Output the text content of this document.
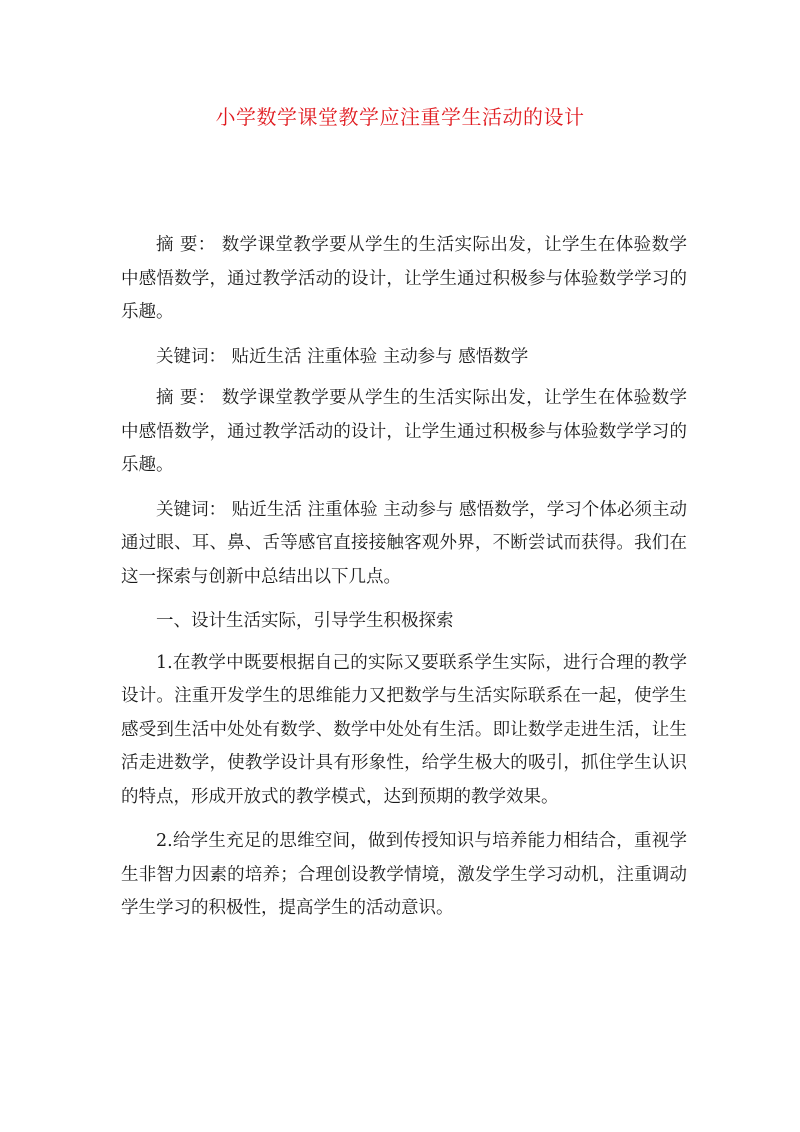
小学数学课堂教学应注重学生活动的设计

摘 要： 数学课堂教学要从学生的生活实际出发，让学生在体验数学中感悟数学，通过教学活动的设计，让学生通过积极参与体验数学学习的乐趣。

关键词： 贴近生活 注重体验 主动参与 感悟数学

摘 要： 数学课堂教学要从学生的生活实际出发，让学生在体验数学中感悟数学，通过教学活动的设计，让学生通过积极参与体验数学学习的乐趣。

关键词： 贴近生活 注重体验 主动参与 感悟数学，学习个体必须主动通过眼、耳、鼻、舌等感官直接接触客观外界，不断尝试而获得。我们在这一探索与创新中总结出以下几点。

一、设计生活实际，引导学生积极探索

1.在教学中既要根据自己的实际又要联系学生实际，进行合理的教学设计。注重开发学生的思维能力又把数学与生活实际联系在一起，使学生感受到生活中处处有数学、数学中处处有生活。即让数学走进生活，让生活走进数学，使教学设计具有形象性，给学生极大的吸引，抓住学生认识的特点，形成开放式的教学模式，达到预期的教学效果。

2.给学生充足的思维空间，做到传授知识与培养能力相结合，重视学生非智力因素的培养；合理创设教学情境，激发学生学习动机，注重调动学生学习的积极性，提高学生的活动意识。
